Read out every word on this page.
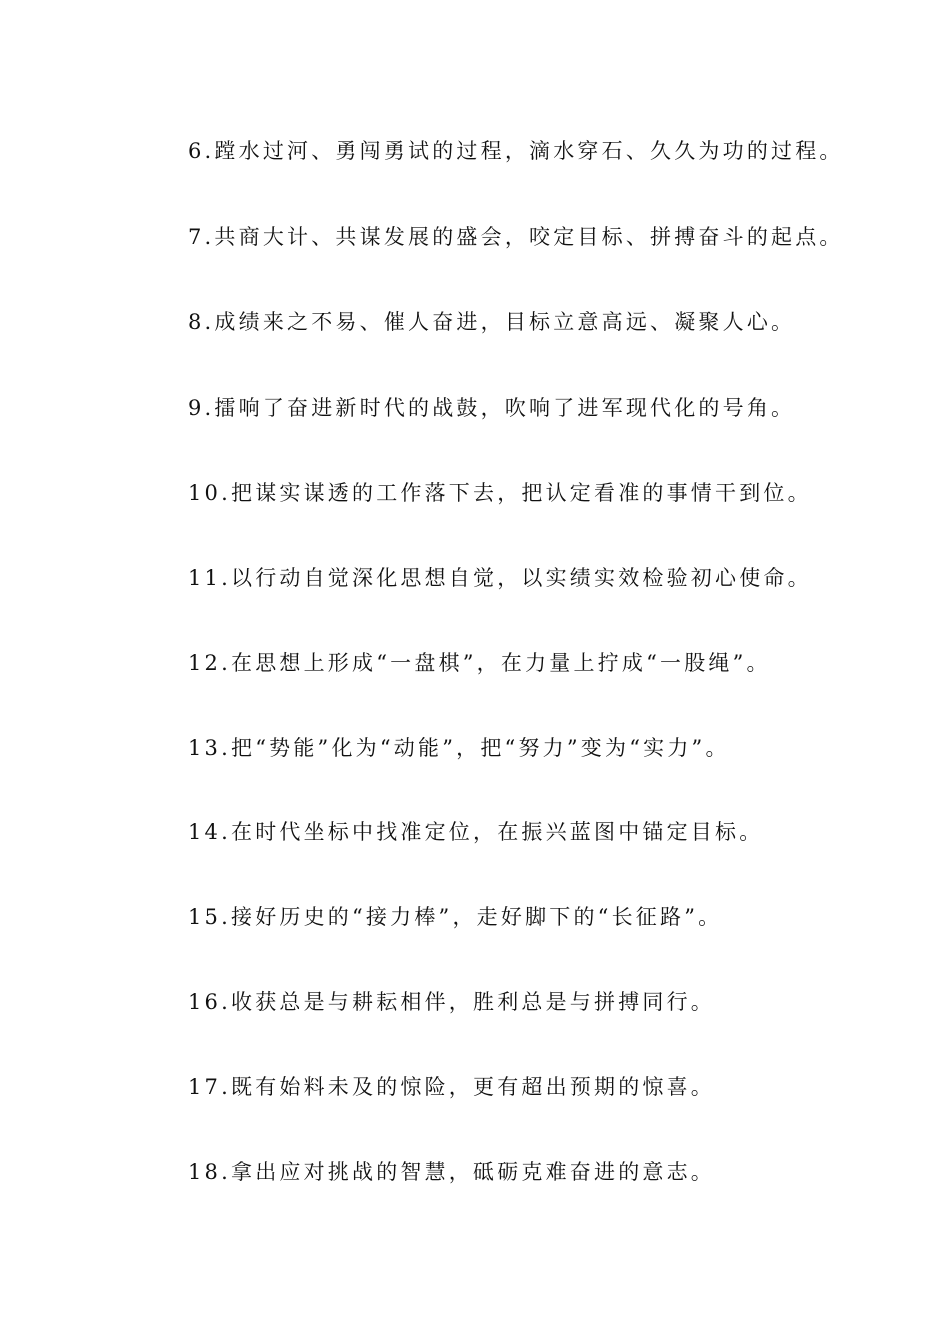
6.蹚水过河、勇闯勇试的过程，滴水穿石、久久为功的过程。
7.共商大计、共谋发展的盛会，咬定目标、拼搏奋斗的起点。
8.成绩来之不易、催人奋进，目标立意高远、凝聚人心。
9.擂响了奋进新时代的战鼓，吹响了进军现代化的号角。
10.把谋实谋透的工作落下去，把认定看准的事情干到位。
11.以行动自觉深化思想自觉，以实绩实效检验初心使命。
12.在思想上形成“一盘棋”，在力量上拧成“一股绳”。
13.把“势能”化为“动能”，把“努力”变为“实力”。
14.在时代坐标中找准定位，在振兴蓝图中锚定目标。
15.接好历史的“接力棒”，走好脚下的“长征路”。
16.收获总是与耕耘相伴，胜利总是与拼搏同行。
17.既有始料未及的惊险，更有超出预期的惊喜。
18.拿出应对挑战的智慧，砥砺克难奋进的意志。
